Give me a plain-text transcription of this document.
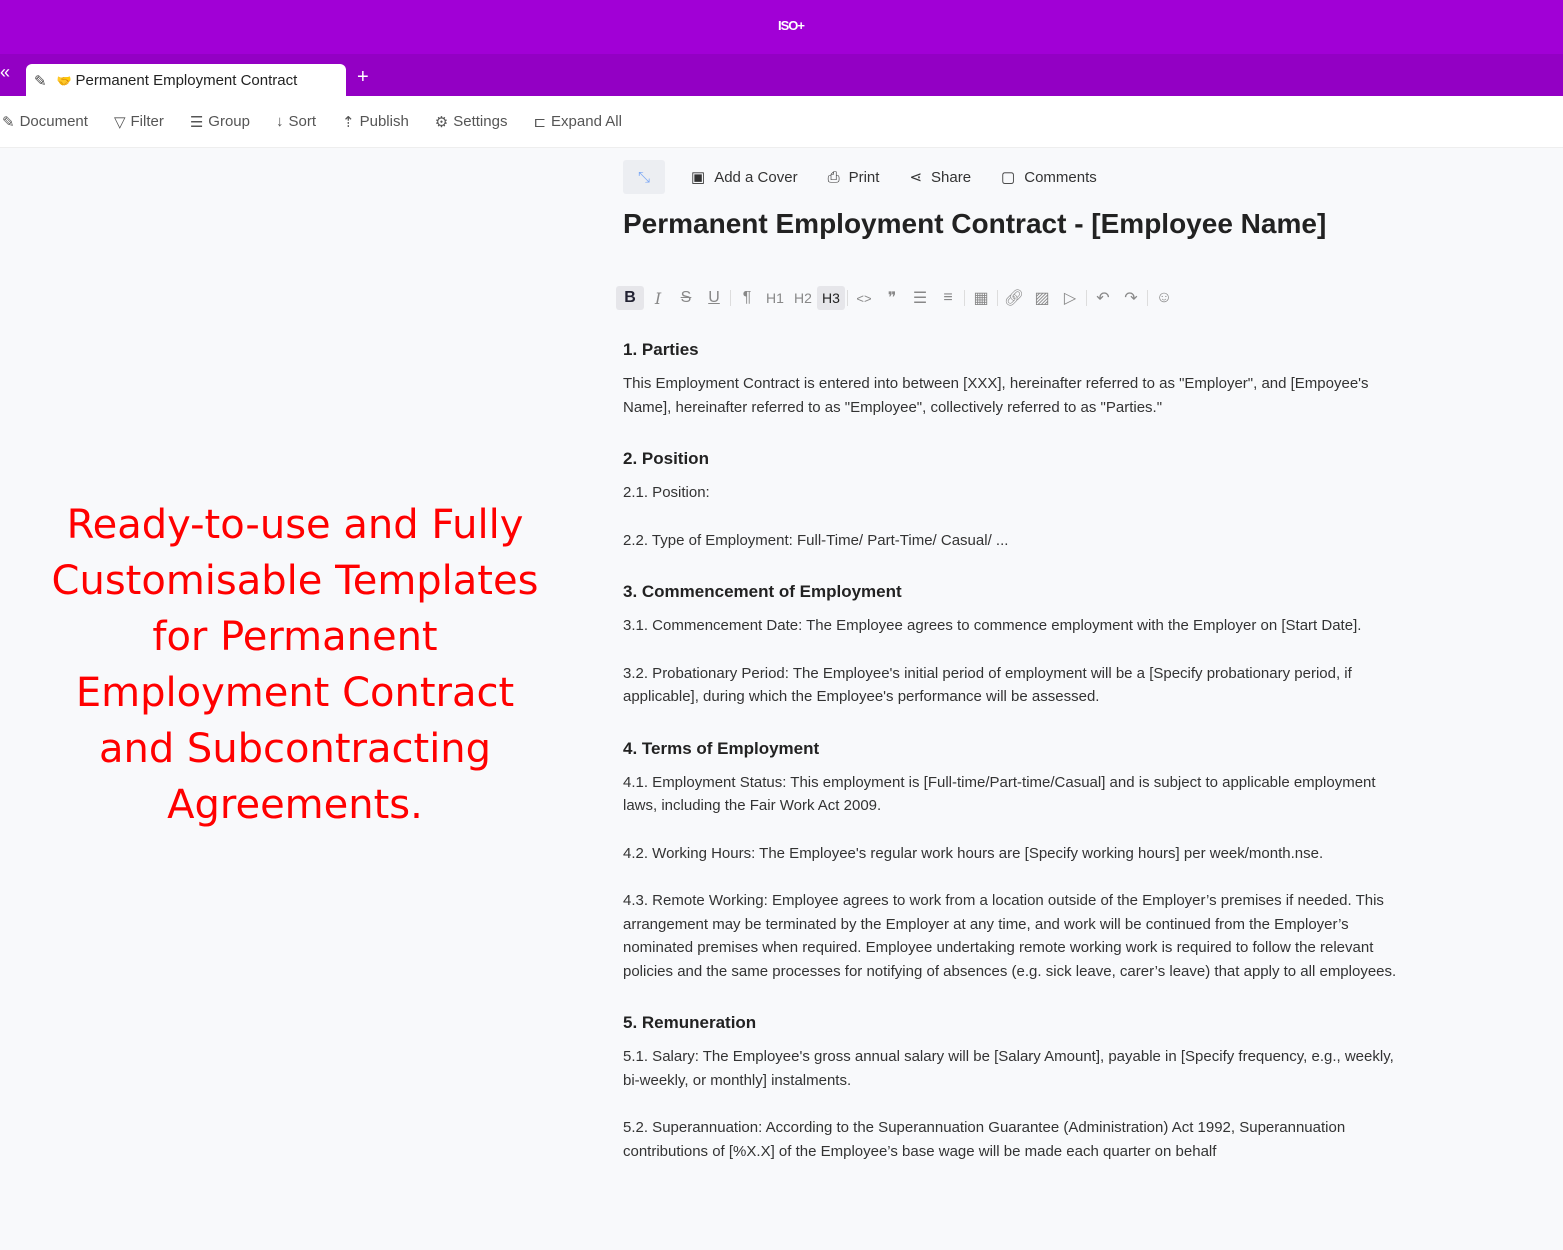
ISO+
« ✎ 🤝 Permanent Employment Contract	+
✎ Document ▽ Filter ☰ Group ↓ Sort ⇡ Publish ⚙ Settings ⊏ Expand All
Ready-to-use and Fully Customisable Templates for Permanent Employment Contract and Subcontracting Agreements.
⤡	▣ Add a Cover ⎙ Print ⋖ Share ▢ Comments
Permanent Employment Contract - [Employee Name]
B	I	S	U	¶	H1 H2 H3	<>	❞	☰	≡	▦ 🔗︎ ▨ ▷	↶ ↷	☺
1. Parties

This Employment Contract is entered into between [XXX], hereinafter referred to as "Employer", and [Empoyee's Name], hereinafter referred to as "Employee", collectively referred to as "Parties."

2. Position

2.1. Position:

2.2. Type of Employment: Full-Time/ Part-Time/ Casual/ ...

3. Commencement of Employment

3.1. Commencement Date: The Employee agrees to commence employment with the Employer on [Start Date].

3.2. Probationary Period: The Employee's initial period of employment will be a [Specify probationary period, if applicable], during which the Employee's performance will be assessed.

4. Terms of Employment

4.1. Employment Status: This employment is [Full-time/Part-time/Casual] and is subject to applicable employment laws, including the Fair Work Act 2009.

4.2. Working Hours: The Employee's regular work hours are [Specify working hours] per week/month.nse.

4.3. Remote Working: Employee agrees to work from a location outside of the Employer’s premises if needed. This arrangement may be terminated by the Employer at any time, and work will be continued from the Employer’s nominated premises when required. Employee undertaking remote working work is required to follow the relevant policies and the same processes for notifying of absences (e.g. sick leave, carer’s leave) that apply to all employees.

5. Remuneration

5.1. Salary: The Employee's gross annual salary will be [Salary Amount], payable in [Specify frequency, e.g., weekly, bi-weekly, or monthly] instalments.

5.2. Superannuation: According to the Superannuation Guarantee (Administration) Act 1992, Superannuation contributions of [%X.X] of the Employee’s base wage will be made each quarter on behalf
